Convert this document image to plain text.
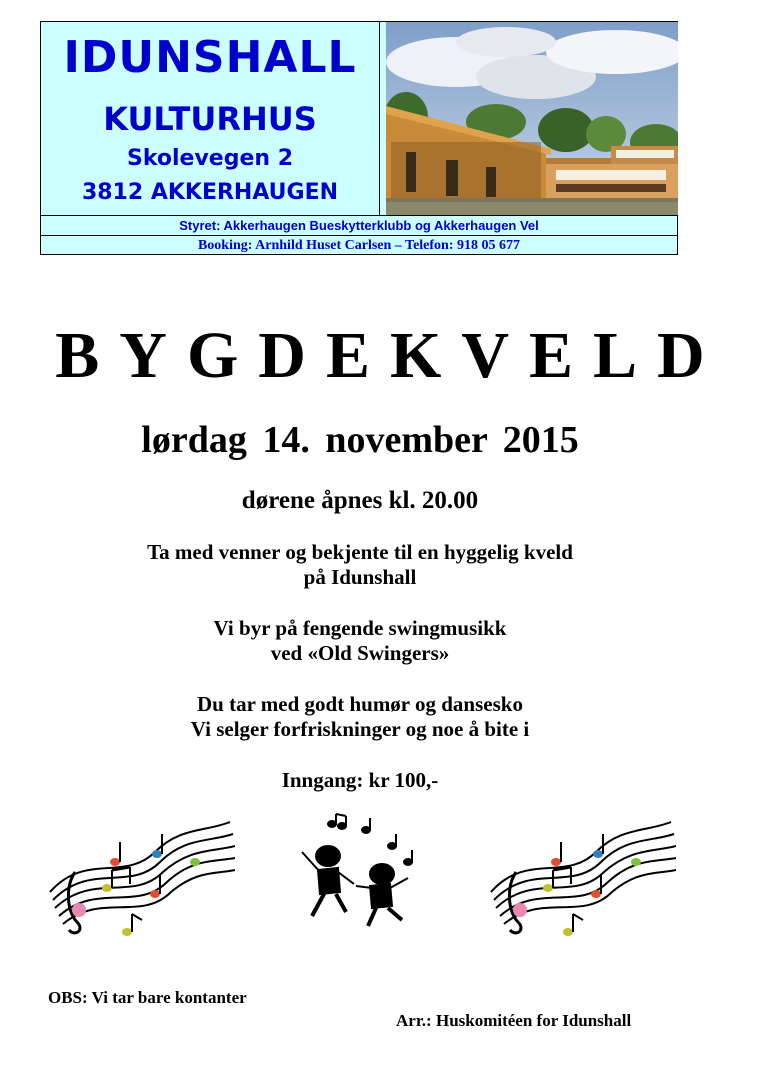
IDUNSHALL
KULTURHUS
Skolevegen 2
3812 AKKERHAUGEN
Styret: Akkerhaugen Bueskytterklubb og Akkerhaugen Vel
Booking: Arnhild Huset Carlsen – Telefon: 918 05 677
BYGDEKVELD
lørdag 14. november 2015
dørene åpnes kl. 20.00
Ta med venner og bekjente til en hyggelig kveld
på Idunshall
Vi byr på fengende swingmusikk
ved «Old Swingers»
Du tar med godt humør og dansesko
Vi selger forfriskninger og noe å bite i
Inngang: kr 100,-
OBS: Vi tar bare kontanter
Arr.: Huskomitéen for Idunshall
